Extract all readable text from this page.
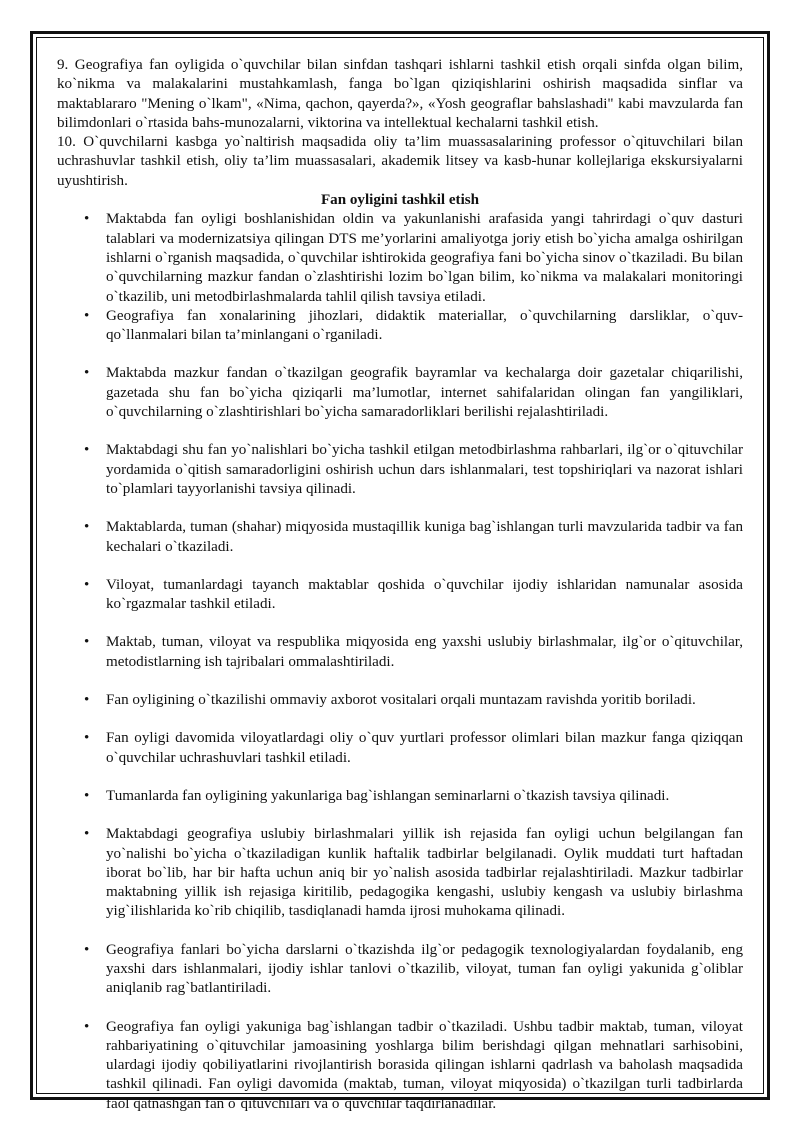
9. Geografiya fan oyligida o`quvchilar bilan sinfdan tashqari ishlarni tashkil etish orqali sinfda olgan bilim, ko`nikma va malakalarini mustahkamlash, fanga bo`lgan qiziqishlarini oshirish maqsadida sinflar va maktablararo "Mening o`lkam", «Nima, qachon, qayerda?», «Yosh geograflar bahslashadi" kabi mavzularda fan bilimdonlari o`rtasida bahs-munozalarni, viktorina va intellektual kechalarni tashkil etish.

10. O`quvchilarni kasbga yo`naltirish maqsadida oliy ta’lim muassasalarining professor o`qituvchilari bilan uchrashuvlar tashkil etish, oliy ta’lim muassasalari, akademik litsey va kasb-hunar kollejlariga ekskursiyalarni uyushtirish.

Fan oyligini tashkil etish

• Maktabda fan oyligi boshlanishidan oldin va yakunlanishi arafasida yangi tahrirdagi o`quv dasturi talablari va modernizatsiya qilingan DTS me’yorlarini amaliyotga joriy etish bo`yicha amalga oshirilgan ishlarni o`rganish maqsadida, o`quvchilar ishtirokida geografiya fani bo`yicha sinov o`tkaziladi. Bu bilan o`quvchilarning mazkur fandan o`zlashtirishi lozim bo`lgan bilim, ko`nikma va malakalari monitoringi o`tkazilib, uni metodbirlashmalarda tahlil qilish tavsiya etiladi.
• Geografiya fan xonalarining jihozlari, didaktik materiallar, o`quvchilarning darsliklar, o`quv-qo`llanmalari bilan ta’minlangani o`rganiladi.
• Maktabda mazkur fandan o`tkazilgan geografik bayramlar va kechalarga doir gazetalar chiqarilishi, gazetada shu fan bo`yicha qiziqarli ma’lumotlar, internet sahifalaridan olingan fan yangiliklari, o`quvchilarning o`zlashtirishlari bo`yicha samaradorliklari berilishi rejalashtiriladi.
• Maktabdagi shu fan yo`nalishlari bo`yicha tashkil etilgan metodbirlashma rahbarlari, ilg`or o`qituvchilar yordamida o`qitish samaradorligini oshirish uchun dars ishlanmalari, test topshiriqlari va nazorat ishlari to`plamlari tayyorlanishi tavsiya qilinadi.
• Maktablarda, tuman (shahar) miqyosida mustaqillik kuniga bag`ishlangan turli mavzularida tadbir va fan kechalari o`tkaziladi.
• Viloyat, tumanlardagi tayanch maktablar qoshida o`quvchilar ijodiy ishlaridan namunalar asosida ko`rgazmalar tashkil etiladi.
• Maktab, tuman, viloyat va respublika miqyosida eng yaxshi uslubiy birlashmalar, ilg`or o`qituvchilar, metodistlarning ish tajribalari ommalashtiriladi.
• Fan oyligining o`tkazilishi ommaviy axborot vositalari orqali muntazam ravishda yoritib boriladi.
• Fan oyligi davomida viloyatlardagi oliy o`quv yurtlari professor olimlari bilan mazkur fanga qiziqqan o`quvchilar uchrashuvlari tashkil etiladi.
• Tumanlarda fan oyligining yakunlariga bag`ishlangan seminarlarni o`tkazish tavsiya qilinadi.
• Maktabdagi geografiya uslubiy birlashmalari yillik ish rejasida fan oyligi uchun belgilangan fan yo`nalishi bo`yicha o`tkaziladigan kunlik haftalik tadbirlar belgilanadi. Oylik muddati turt haftadan iborat bo`lib, har bir hafta uchun aniq bir yo`nalish asosida tadbirlar rejalashtiriladi. Mazkur tadbirlar maktabning yillik ish rejasiga kiritilib, pedagogika kengashi, uslubiy kengash va uslubiy birlashma yig`ilishlarida ko`rib chiqilib, tasdiqlanadi hamda ijrosi muhokama qilinadi.
• Geografiya fanlari bo`yicha darslarni o`tkazishda ilg`or pedagogik texnologiyalardan foydalanib, eng yaxshi dars ishlanmalari, ijodiy ishlar tanlovi o`tkazilib, viloyat, tuman fan oyligi yakunida g`oliblar aniqlanib rag`batlantiriladi.
• Geografiya fan oyligi yakuniga bag`ishlangan tadbir o`tkaziladi. Ushbu tadbir maktab, tuman, viloyat rahbariyatining o`qituvchilar jamoasining yoshlarga bilim berishdagi qilgan mehnatlari sarhisobini, ulardagi ijodiy qobiliyatlarini rivojlantirish borasida qilingan ishlarni qadrlash va baholash maqsadida tashkil qilinadi. Fan oyligi davomida (maktab, tuman, viloyat miqyosida) o`tkazilgan turli tadbirlarda faol qatnashgan fan o`qituvchilari va o`quvchilar taqdirlanadilar.
